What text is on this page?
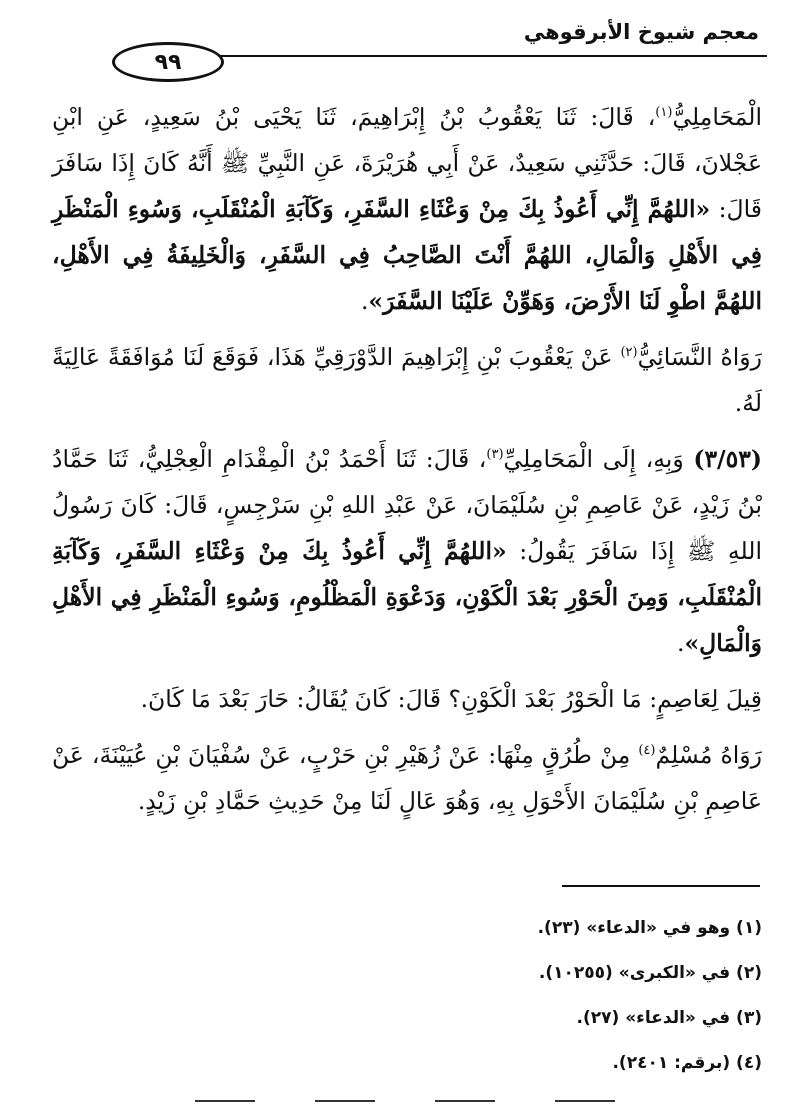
معجم شيوخ الأبرقوهي
٩٩

الْمَحَامِلِيُّ$^{(١)}$، قَالَ: ثَنَا يَعْقُوبُ بْنُ إِبْرَاهِيمَ، ثَنَا يَحْيَى بْنُ سَعِيدٍ، عَنِ ابْنِ عَجْلانَ، قَالَ: حَدَّثَنِي سَعِيدٌ، عَنْ أَبِي هُرَيْرَةَ، عَنِ النَّبِيِّ ﷺ أَنَّهُ كَانَ إِذَا سَافَرَ قَالَ: «اللهُمَّ إِنِّي أَعُوذُ بِكَ مِنْ وَعْثَاءِ السَّفَرِ، وَكَآبَةِ الْمُنْقَلَبِ، وَسُوءِ الْمَنْظَرِ فِي الأَهْلِ وَالْمَالِ، اللهُمَّ أَنْتَ الصَّاحِبُ فِي السَّفَرِ، وَالْخَلِيفَةُ فِي الأَهْلِ، اللهُمَّ اطْوِ لَنَا الأَرْضَ، وَهَوِّنْ عَلَيْنَا السَّفَرَ».

رَوَاهُ النَّسَائِيُّ$^{(٢)}$ عَنْ يَعْقُوبَ بْنِ إِبْرَاهِيمَ الدَّوْرَقِيِّ هَذَا، فَوَقَعَ لَنَا مُوَافَقَةً عَالِيَةً لَهُ.

(٣/٥٣) وَبِهِ، إِلَى الْمَحَامِلِيِّ$^{(٣)}$، قَالَ: ثَنَا أَحْمَدُ بْنُ الْمِقْدَامِ الْعِجْلِيُّ، ثَنَا حَمَّادُ بْنُ زَيْدٍ، عَنْ عَاصِمِ بْنِ سُلَيْمَانَ، عَنْ عَبْدِ اللهِ بْنِ سَرْجِسٍ، قَالَ: كَانَ رَسُولُ اللهِ ﷺ إِذَا سَافَرَ يَقُولُ: «اللهُمَّ إِنِّي أَعُوذُ بِكَ مِنْ وَعْثَاءِ السَّفَرِ، وَكَآبَةِ الْمُنْقَلَبِ، وَمِنَ الْحَوْرِ بَعْدَ الْكَوْنِ، وَدَعْوَةِ الْمَظْلُومِ، وَسُوءِ الْمَنْظَرِ فِي الأَهْلِ وَالْمَالِ».

قِيلَ لِعَاصِمٍ: مَا الْحَوْرُ بَعْدَ الْكَوْنِ؟ قَالَ: كَانَ يُقَالُ: حَارَ بَعْدَ مَا كَانَ.

رَوَاهُ مُسْلِمٌ$^{(٤)}$ مِنْ طُرُقٍ مِنْهَا: عَنْ زُهَيْرِ بْنِ حَرْبٍ، عَنْ سُفْيَانَ بْنِ عُيَيْنَةَ، عَنْ عَاصِمِ بْنِ سُلَيْمَانَ الأَحْوَلِ بِهِ، وَهُوَ عَالٍ لَنَا مِنْ حَدِيثِ حَمَّادِ بْنِ زَيْدٍ.

(١) وهو في «الدعاء» (٢٣).
(٢) في «الكبرى» (١٠٢٥٥).
(٣) في «الدعاء» (٢٧).
(٤) (برقم: ٢٤٠١).
